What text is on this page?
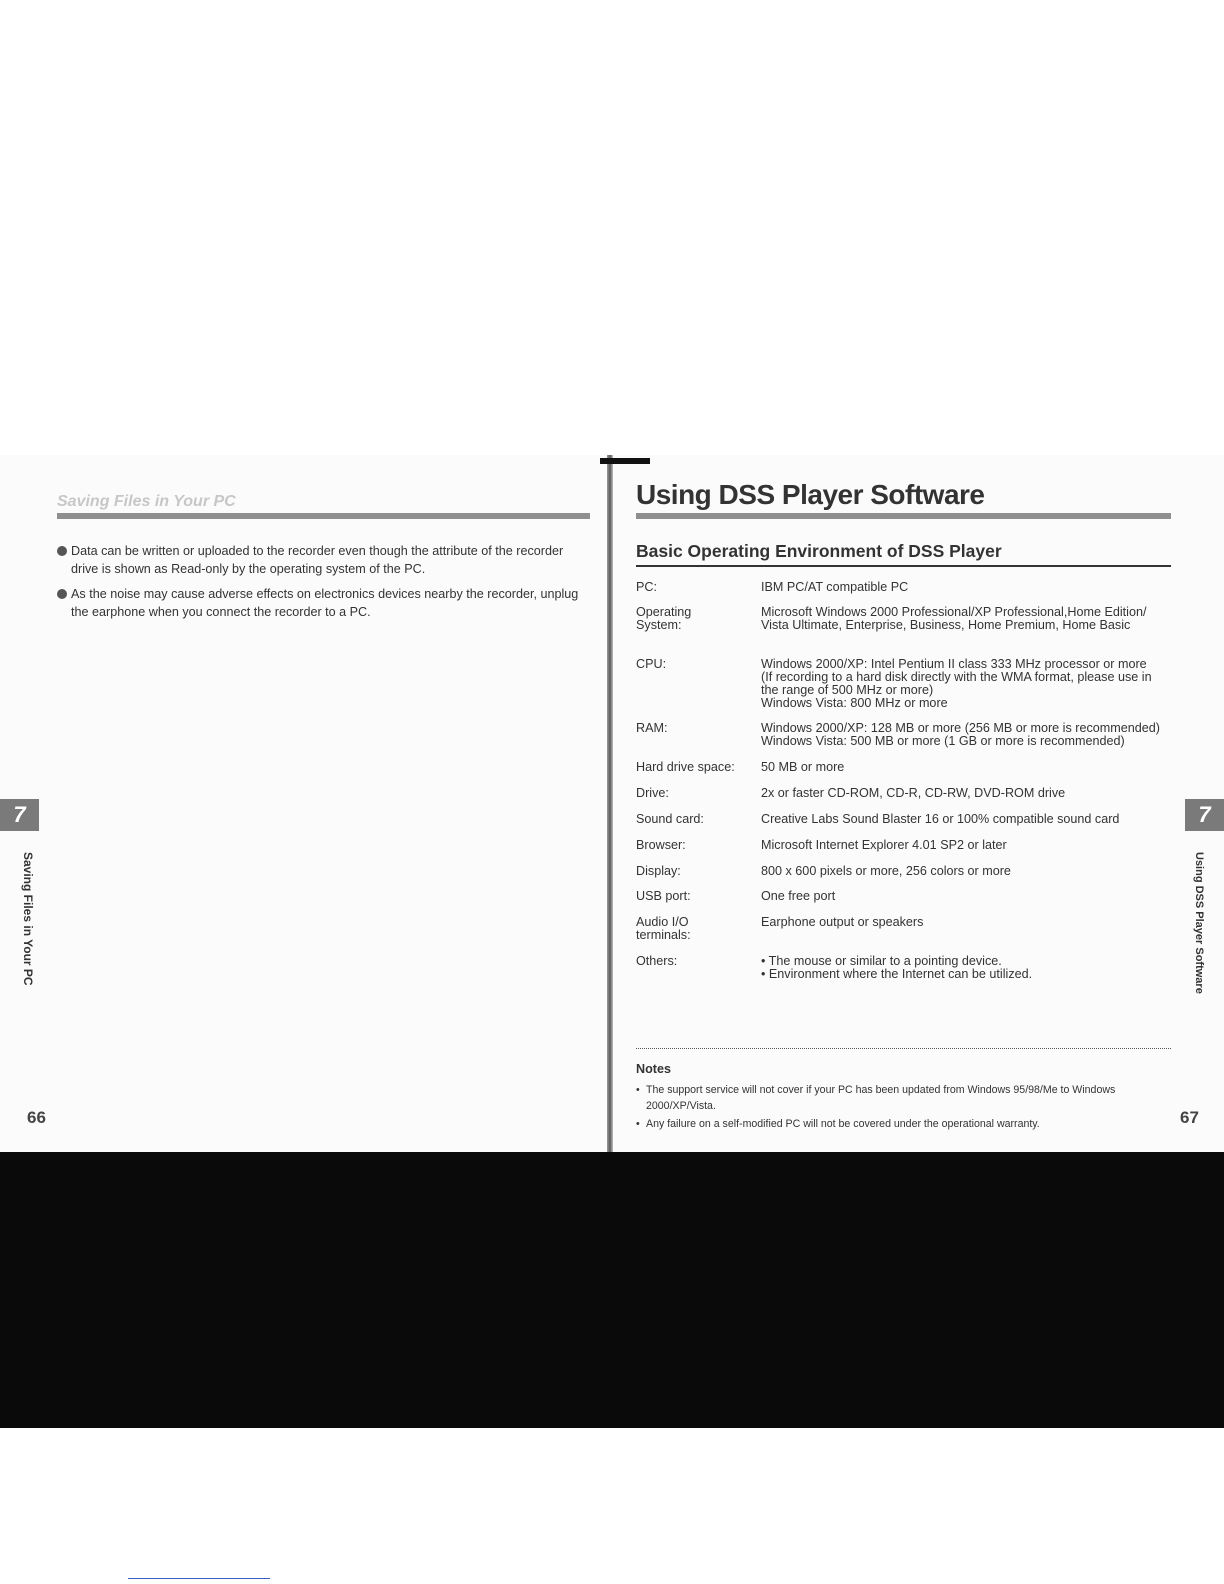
Saving Files in Your PC
Data can be written or uploaded to the recorder even though the attribute of the recorder drive is shown as Read-only by the operating system of the PC.
As the noise may cause adverse effects on electronics devices nearby the recorder, unplug the earphone when you connect the recorder to a PC.
7
Saving Files in Your PC
66
Using DSS Player Software
Basic Operating Environment of DSS Player
PC:	IBM PC/AT compatible PC
Operating System:
Microsoft Windows 2000 Professional/XP Professional,Home Edition/
Vista Ultimate, Enterprise, Business, Home Premium, Home Basic
CPU:	Windows 2000/XP: Intel Pentium II class 333 MHz processor or more
(If recording to a hard disk directly with the WMA format, please use in
the range of 500 MHz or more)
Windows Vista: 800 MHz or more
RAM:	Windows 2000/XP: 128 MB or more (256 MB or more is recommended)
Windows Vista: 500 MB or more (1 GB or more is recommended)
Hard drive space:	50 MB or more
Drive:	2x or faster CD-ROM, CD-R, CD-RW, DVD-ROM drive
Sound card:	Creative Labs Sound Blaster 16 or 100% compatible sound card
Browser:	Microsoft Internet Explorer 4.01 SP2 or later
Display:	800 x 600 pixels or more, 256 colors or more
USB port:	One free port
Audio I/O terminals:
Earphone output or speakers
Others:	• The mouse or similar to a pointing device.
• Environment where the Internet can be utilized.
Notes
• The support service will not cover if your PC has been updated from Windows 95/98/Me to Windows 2000/XP/Vista.
• Any failure on a self-modified PC will not be covered under the operational warranty.
7
Using DSS Player Software
67
